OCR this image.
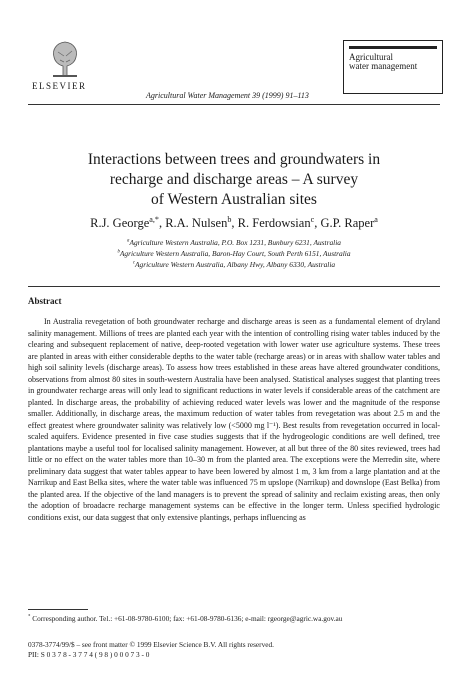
ELSEVIER
Agricultural Water Management 39 (1999) 91–113
Agricultural
water management
Interactions between trees and groundwaters in
recharge and discharge areas – A survey
of Western Australian sites
R.J. George$^{a,*}$, R.A. Nulsen$^b$, R. Ferdowsian$^c$, G.P. Raper$^a$
$^a$Agriculture Western Australia, P.O. Box 1231, Bunbury 6231, Australia
$^b$Agriculture Western Australia, Baron-Hay Court, South Perth 6151, Australia
$^c$Agriculture Western Australia, Albany Hwy, Albany 6330, Australia
Abstract

In Australia revegetation of both groundwater recharge and discharge areas is seen as a fundamental element of dryland salinity management. Millions of trees are planted each year with the intention of controlling rising water tables induced by the clearing and subsequent replacement of native, deep-rooted vegetation with lower water use agriculture systems. These trees are planted in areas with either considerable depths to the water table (recharge areas) or in areas with shallow water tables and high soil salinity levels (discharge areas). To assess how trees established in these areas have altered groundwater conditions, observations from almost 80 sites in south-western Australia have been analysed. Statistical analyses suggest that planting trees in groundwater recharge areas will only lead to significant reductions in water levels if considerable areas of the catchment are planted. In discharge areas, the probability of achieving reduced water levels was lower and the magnitude of the response smaller. Additionally, in discharge areas, the maximum reduction of water tables from revegetation was about 2.5 m and the effect greatest where groundwater salinity was relatively low (<5000 mg l⁻¹). Best results from revegetation occurred in local-scaled aquifers. Evidence presented in five case studies suggests that if the hydrogeologic conditions are well defined, tree plantations maybe a useful tool for localised salinity management. However, at all but three of the 80 sites reviewed, trees had little or no effect on the water tables more than 10–30 m from the planted area. The exceptions were the Merredin site, where preliminary data suggest that water tables appear to have been lowered by almost 1 m, 3 km from a large plantation and at the Narrikup and East Belka sites, where the water table was influenced 75 m upslope (Narrikup) and downslope (East Belka) from the planted area. If the objective of the land managers is to prevent the spread of salinity and reclaim existing areas, then only the adoption of broadacre recharge management systems can be effective in the longer term. Unless specified hydrologic conditions exist, our data suggest that only extensive plantings, perhaps influencing as

* Corresponding author. Tel.: +61-08-9780-6100; fax: +61-08-9780-6136; e-mail: rgeorge@agric.wa.gov.au
0378-3774/99/$ – see front matter © 1999 Elsevier Science B.V. All rights reserved.
PII: S 0 3 7 8 - 3 7 7 4 ( 9 8 ) 0 0 0 7 3 - 0
